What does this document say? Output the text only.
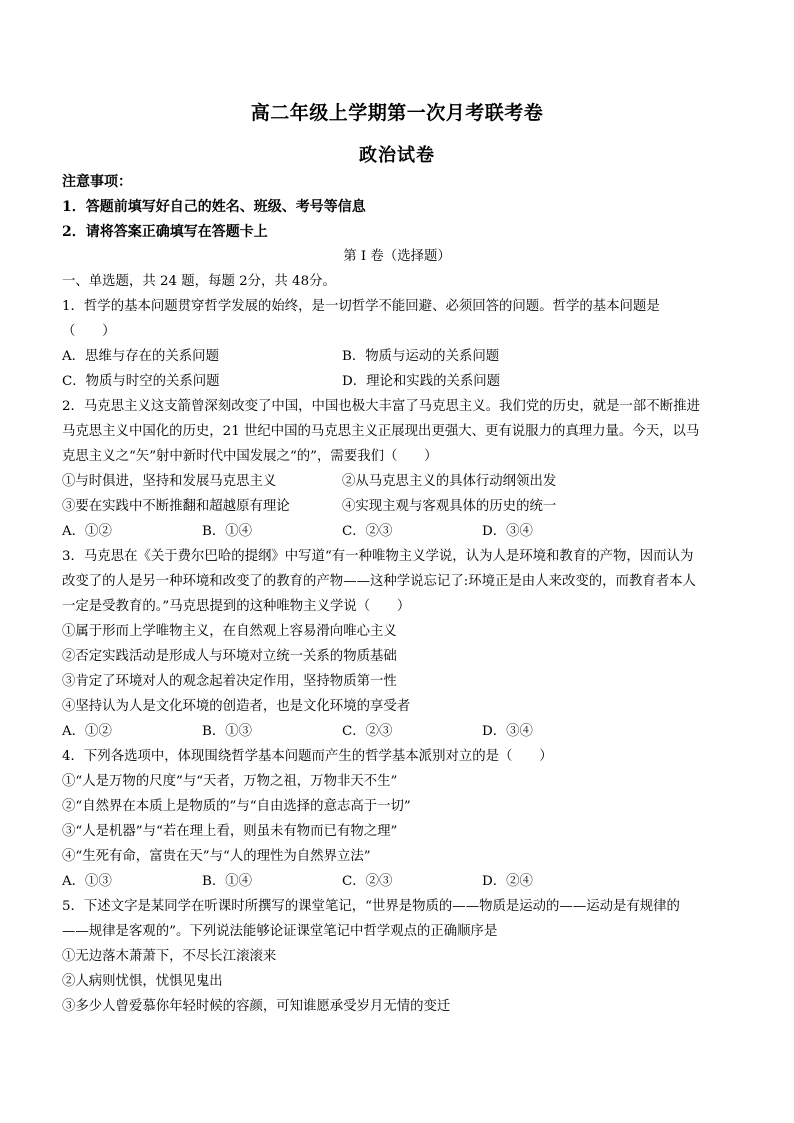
高二年级上学期第一次月考联考卷
政治试卷
注意事项：
1．答题前填写好自己的姓名、班级、考号等信息
2．请将答案正确填写在答题卡上
第 I 卷（选择题）
一、单选题，共 24 题，每题 2分，共 48分。
1．哲学的基本问题贯穿哲学发展的始终，是一切哲学不能回避、必须回答的问题。哲学的基本问题是
（　　）
A．思维与存在的关系问题	B．物质与运动的关系问题
C．物质与时空的关系问题	D．理论和实践的关系问题
2．马克思主义这支箭曾深刻改变了中国，中国也极大丰富了马克思主义。我们党的历史，就是一部不断推进
马克思主义中国化的历史，21 世纪中国的马克思主义正展现出更强大、更有说服力的真理力量。今天，以马
克思主义之“矢”射中新时代中国发展之“的”，需要我们（　　）
①与时俱进，坚持和发展马克思主义	②从马克思主义的具体行动纲领出发
③要在实践中不断推翻和超越原有理论	④实现主观与客观具体的历史的统一
A．①②	B．①④	C．②③	D．③④
3．马克思在《关于费尔巴哈的提纲》中写道“有一种唯物主义学说，认为人是环境和教育的产物，因而认为
改变了的人是另一种环境和改变了的教育的产物——这种学说忘记了:环境正是由人来改变的，而教育者本人
一定是受教育的。”马克思提到的这种唯物主义学说（　　）
①属于形而上学唯物主义，在自然观上容易滑向唯心主义
②否定实践活动是形成人与环境对立统一关系的物质基础
③肯定了环境对人的观念起着决定作用，坚持物质第一性
④坚持认为人是文化环境的创造者，也是文化环境的享受者
A．①②	B．①③	C．②③	D．③④
4．下列各选项中，体现围绕哲学基本问题而产生的哲学基本派别对立的是（　　）
①“人是万物的尺度”与“天者，万物之祖，万物非天不生”
②“自然界在本质上是物质的”与“自由选择的意志高于一切”
③“人是机器”与“若在理上看，则虽未有物而已有物之理”
④“生死有命，富贵在天”与“人的理性为自然界立法”
A．①③	B．①④	C．②③	D．②④
5．下述文字是某同学在听课时所撰写的课堂笔记，“世界是物质的——物质是运动的——运动是有规律的
——规律是客观的”。下列说法能够论证课堂笔记中哲学观点的正确顺序是
①无边落木萧萧下，不尽长江滚滚来
②人病则忧惧，忧惧见鬼出
③多少人曾爱慕你年轻时候的容颜，可知谁愿承受岁月无情的变迁
